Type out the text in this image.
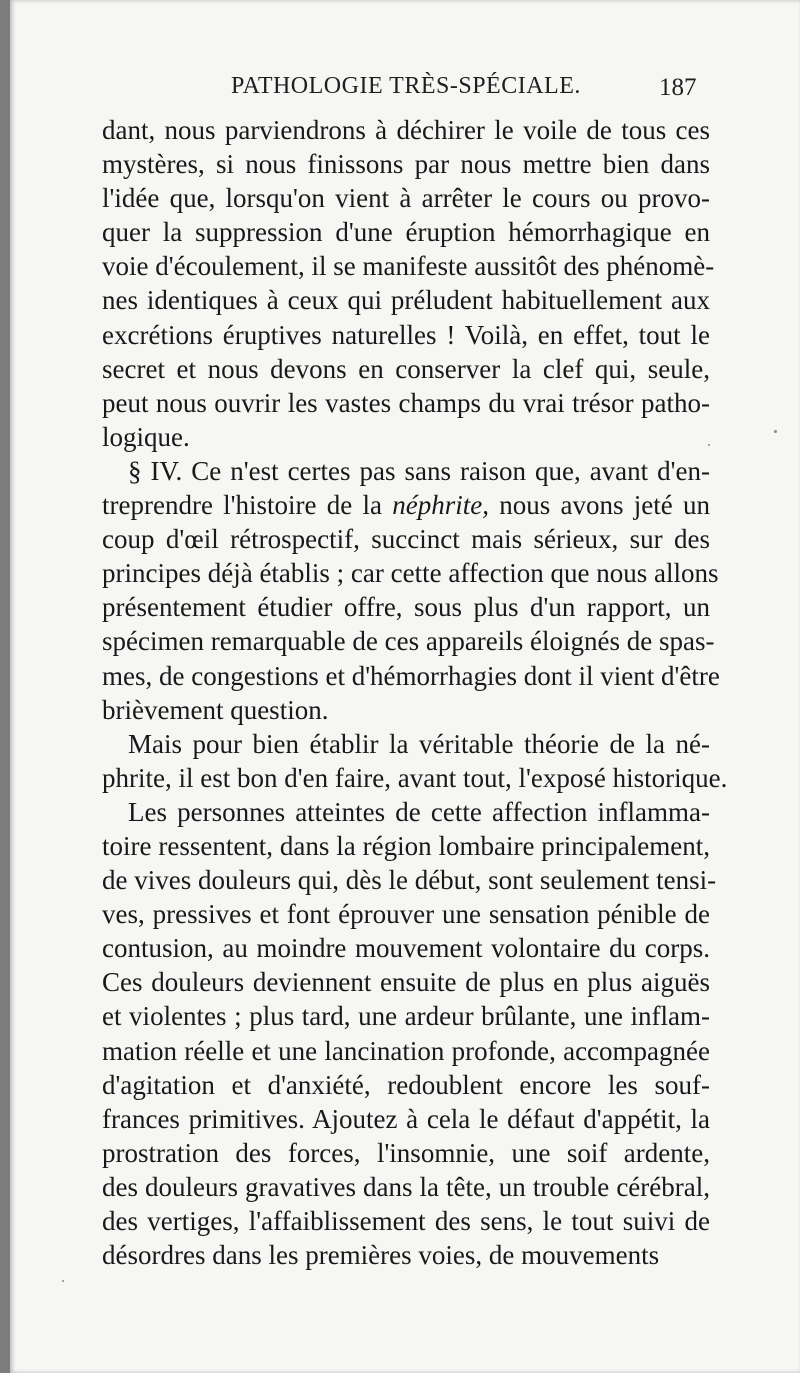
PATHOLOGIE TRÈS-SPÉCIALE.	187
dant, nous parviendrons à déchirer le voile de tous ces
mystères, si nous finissons par nous mettre bien dans
l'idée que, lorsqu'on vient à arrêter le cours ou provo-
quer la suppression d'une éruption hémorrhagique en
voie d'écoulement, il se manifeste aussitôt des phénomè-
nes identiques à ceux qui préludent habituellement aux
excrétions éruptives naturelles ! Voilà, en effet, tout le
secret et nous devons en conserver la clef qui, seule,
peut nous ouvrir les vastes champs du vrai trésor patho-
logique.
§ IV. Ce n'est certes pas sans raison que, avant d'en-
treprendre l'histoire de la néphrite, nous avons jeté un
coup d'œil rétrospectif, succinct mais sérieux, sur des
principes déjà établis ; car cette affection que nous allons
présentement étudier offre, sous plus d'un rapport, un
spécimen remarquable de ces appareils éloignés de spas-
mes, de congestions et d'hémorrhagies dont il vient d'être
brièvement question.
Mais pour bien établir la véritable théorie de la né-
phrite, il est bon d'en faire, avant tout, l'exposé historique.
Les personnes atteintes de cette affection inflamma-
toire ressentent, dans la région lombaire principalement,
de vives douleurs qui, dès le début, sont seulement tensi-
ves, pressives et font éprouver une sensation pénible de
contusion, au moindre mouvement volontaire du corps.
Ces douleurs deviennent ensuite de plus en plus aiguës
et violentes ; plus tard, une ardeur brûlante, une inflam-
mation réelle et une lancination profonde, accompagnée
d'agitation et d'anxiété, redoublent encore les souf-
frances primitives. Ajoutez à cela le défaut d'appétit, la
prostration des forces, l'insomnie, une soif ardente,
des douleurs gravatives dans la tête, un trouble cérébral,
des vertiges, l'affaiblissement des sens, le tout suivi de
désordres dans les premières voies, de mouvements
